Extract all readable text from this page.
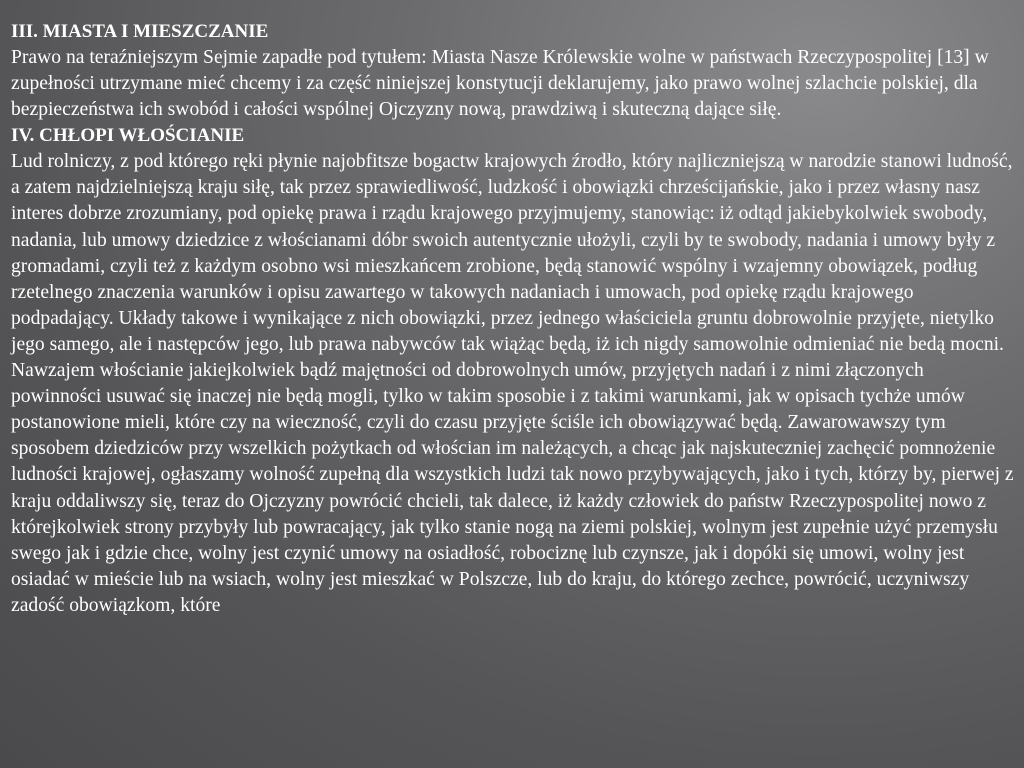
III. MIASTA I MIESZCZANIE

Prawo na teraźniejszym Sejmie zapadłe pod tytułem: Miasta Nasze Królewskie wolne w państwach Rzeczypospolitej [13] w zupełności utrzymane mieć chcemy i za część niniejszej konstytucji deklarujemy, jako prawo wolnej szlachcie polskiej, dla bezpieczeństwa ich swobód i całości wspólnej Ojczyzny nową, prawdziwą i skuteczną dające siłę.

IV. CHŁOPI WŁOŚCIANIE

Lud rolniczy, z pod którego ręki płynie najobfitsze bogactw krajowych źrodło, który najliczniejszą w narodzie stanowi ludność, a zatem najdzielniejszą kraju siłę, tak przez sprawiedliwość, ludzkość i obowiązki chrześcijańskie, jako i przez własny nasz interes dobrze zrozumiany, pod opiekę prawa i rządu krajowego przyjmujemy, stanowiąc: iż odtąd jakiebykolwiek swobody, nadania, lub umowy dziedzice z włościanami dóbr swoich autentycznie ułożyli, czyli by te swobody, nadania i umowy były z gromadami, czyli też z każdym osobno wsi mieszkańcem zrobione, będą stanowić wspólny i wzajemny obowiązek, podług rzetelnego znaczenia warunków i opisu zawartego w takowych nadaniach i umowach, pod opiekę rządu krajowego podpadający. Układy takowe i wynikające z nich obowiązki, przez jednego właściciela gruntu dobrowolnie przyjęte, nietylko jego samego, ale i następców jego, lub prawa nabywców tak wiążąc będą, iż ich nigdy samowolnie odmieniać nie bedą mocni. Nawzajem włościanie jakiejkolwiek bądź majętności od dobrowolnych umów, przyjętych nadań i z nimi złączonych powinności usuwać się inaczej nie będą mogli, tylko w takim sposobie i z takimi warunkami, jak w opisach tychże umów postanowione mieli, które czy na wieczność, czyli do czasu przyjęte ściśle ich obowiązywać będą. Zawarowawszy tym sposobem dziedziców przy wszelkich pożytkach od włościan im należących, a chcąc jak najskuteczniej zachęcić pomnożenie ludności krajowej, ogłaszamy wolność zupełną dla wszystkich ludzi tak nowo przybywających, jako i tych, którzy by, pierwej z kraju oddaliwszy się, teraz do Ojczyzny powrócić chcieli, tak dalece, iż każdy człowiek do państw Rzeczypospolitej nowo z którejkolwiek strony przybyły lub powracający, jak tylko stanie nogą na ziemi polskiej, wolnym jest zupełnie użyć przemysłu swego jak i gdzie chce, wolny jest czynić umowy na osiadłość, robociznę lub czynsze, jak i dopóki się umowi, wolny jest osiadać w mieście lub na wsiach, wolny jest mieszkać w Polszcze, lub do kraju, do którego zechce, powrócić, uczyniwszy zadość obowiązkom, które
